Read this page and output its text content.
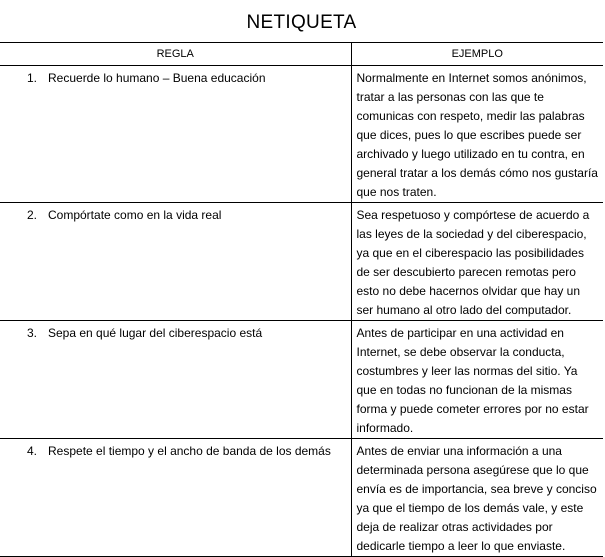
NETIQUETA	
REGLA	EJEMPLO

1. Recuerde lo humano – Buena educación	Normalmente en Internet somos anónimos, tratar a las personas con las que te comunicas con respeto, medir las palabras que dices, pues lo que escribes puede ser archivado y luego utilizado en tu contra, en general tratar a los demás cómo nos gustaría que nos traten.

2. Compórtate como en la vida real	Sea respetuoso y compórtese de acuerdo a las leyes de la sociedad y del ciberespacio, ya que en el ciberespacio las posibilidades de ser descubierto parecen remotas pero esto no debe hacernos olvidar que hay un ser humano al otro lado del computador.

3. Sepa en qué lugar del ciberespacio está	Antes de participar en una actividad en Internet, se debe observar la conducta, costumbres y leer las normas del sitio. Ya que en todas no funcionan de la mismas forma y puede cometer errores por no estar informado.

4. Respete el tiempo y el ancho de banda de los demás	Antes de enviar una información a una determinada persona asegúrese que lo que envía es de importancia, sea breve y conciso ya que el tiempo de los demás vale, y este deja de realizar otras actividades por dedicarle tiempo a leer lo que enviaste.
